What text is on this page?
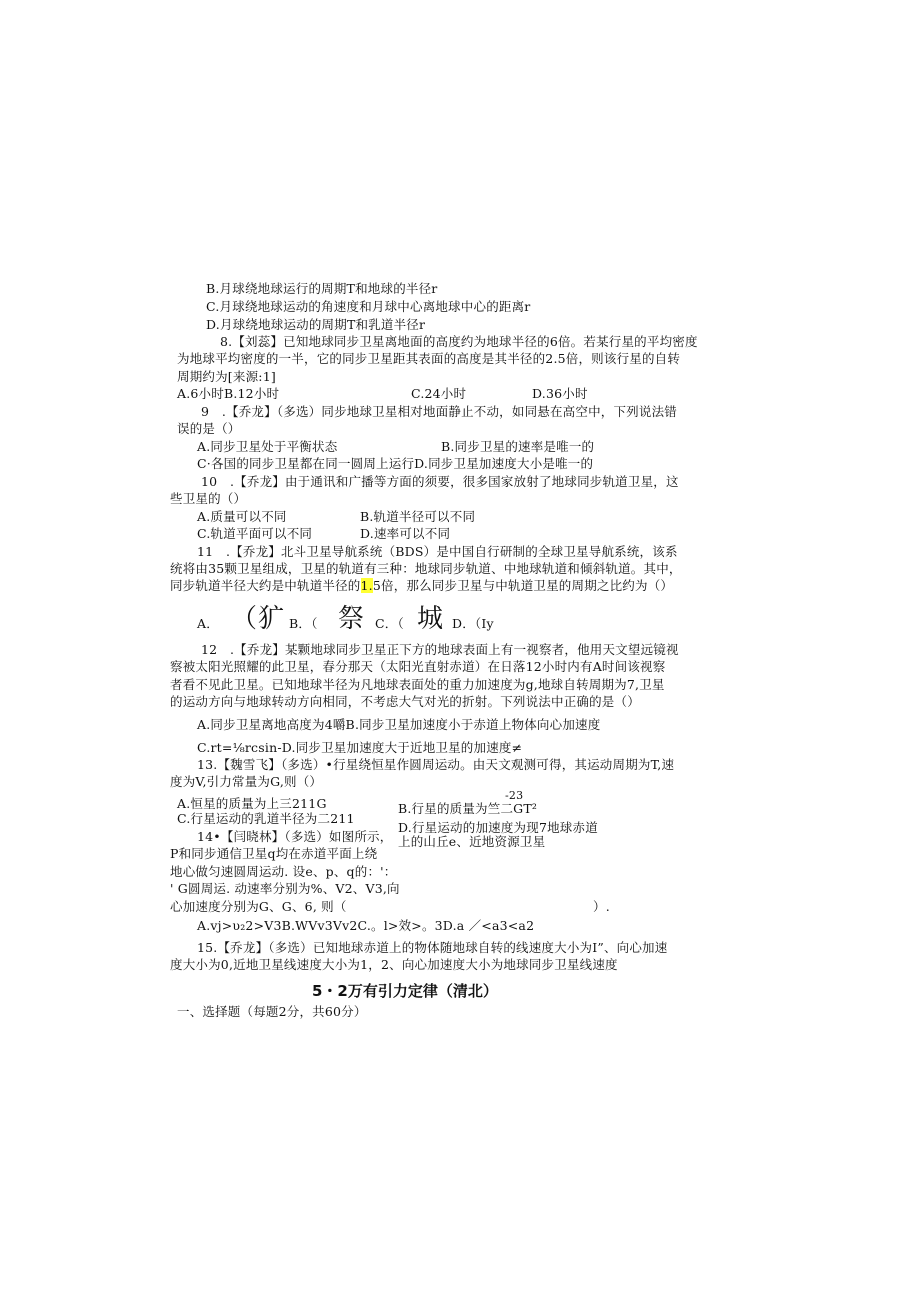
B.月球绕地球运行的周期T和地球的半径r
C.月球绕地球运动的角速度和月球中心离地球中心的距离r
D.月球绕地球运动的周期T和乳道半径r
8.【刘蕊】已知地球同步卫星离地面的高度约为地球半径的6倍。若某行星的平均密度
为地球平均密度的一半，它的同步卫星距其表面的高度是其半径的2.5倍，则该行星的自转
周期约为[来源:1]
A.6小时B.12小时	C.24小时	D.36小时
9　.【乔龙】（多选）同步地球卫星相对地面静止不动，如同悬在高空中，下列说法错
误的是（）
A.同步卫星处于平衡状态	B.同步卫星的速率是唯一的
C·各国的同步卫星都在同一圆周上运行D.同步卫星加速度大小是唯一的
10　.【乔龙】由于通讯和广播等方面的须要，很多国家放射了地球同步轨道卫星，这
些卫星的（）
A.质量可以不同	B.轨道半径可以不同
C.轨道平面可以不同	D.速率可以不同
11　.【乔龙】北斗卫星导航系统（BDS）是中国自行研制的全球卫星导航系统，该系
统将由35颗卫星组成，卫星的轨道有三种：地球同步轨道、中地球轨道和倾斜轨道。其中，
同步轨道半径大约是中轨道半径的1.5倍，那么同步卫星与中轨道卫星的周期之比约为（）
A． （犷 B．（ 祭 C．（ 城 D．（Iy
12　.【乔龙】某颗地球同步卫星正下方的地球表面上有一视察者，他用天文望远镜视
察被太阳光照耀的此卫星，春分那天（太阳光直射赤道）在日落12小时内有A时间该视察
者看不见此卫星。已知地球半径为凡地球表面处的重力加速度为g,地球自转周期为7,卫星
的运动方向与地球转动方向相同，不考虑大气对光的折射。下列说法中正确的是（）
A.同步卫星离地高度为4嚼B.同步卫星加速度小于赤道上物体向心加速度
C.rt=⅛rcsin-D.同步卫星加速度大于近地卫星的加速度≠
13.【魏雪飞】（多选）•行星绕恒星作圆周运动。由天文观测可得，其运动周期为T,速
度为V,引力常量为G,则（）
-23
A.恒星的质量为上三211G	B.行星的质量为竺二GT²
C.行星运动的乳道半径为二211
D.行星运动的加速度为现7地球赤道
14•【闫晓林】（多选）如图所示， 上的山丘e、近地资源卫星
P和同步通信卫星q均在赤道平面上绕
地心做匀速圆周运动. 设e、p、q的：'：
' G圆周运. 动速率分别为%、V2、V3,向
心加速度分别为G、G、6, 则（	）.
A.vj>υ₂2>V3B.WVv3Vv2C.。l>效>。3D.a ／<a3<a2
15.【乔龙】（多选）已知地球赤道上的物体随地球自转的线速度大小为I”、向心加速
度大小为0,近地卫星线速度大小为1，2、向心加速度大小为地球同步卫星线速度
5・2万有引力定律（清北）
一、选择题（每题2分，共60分）
